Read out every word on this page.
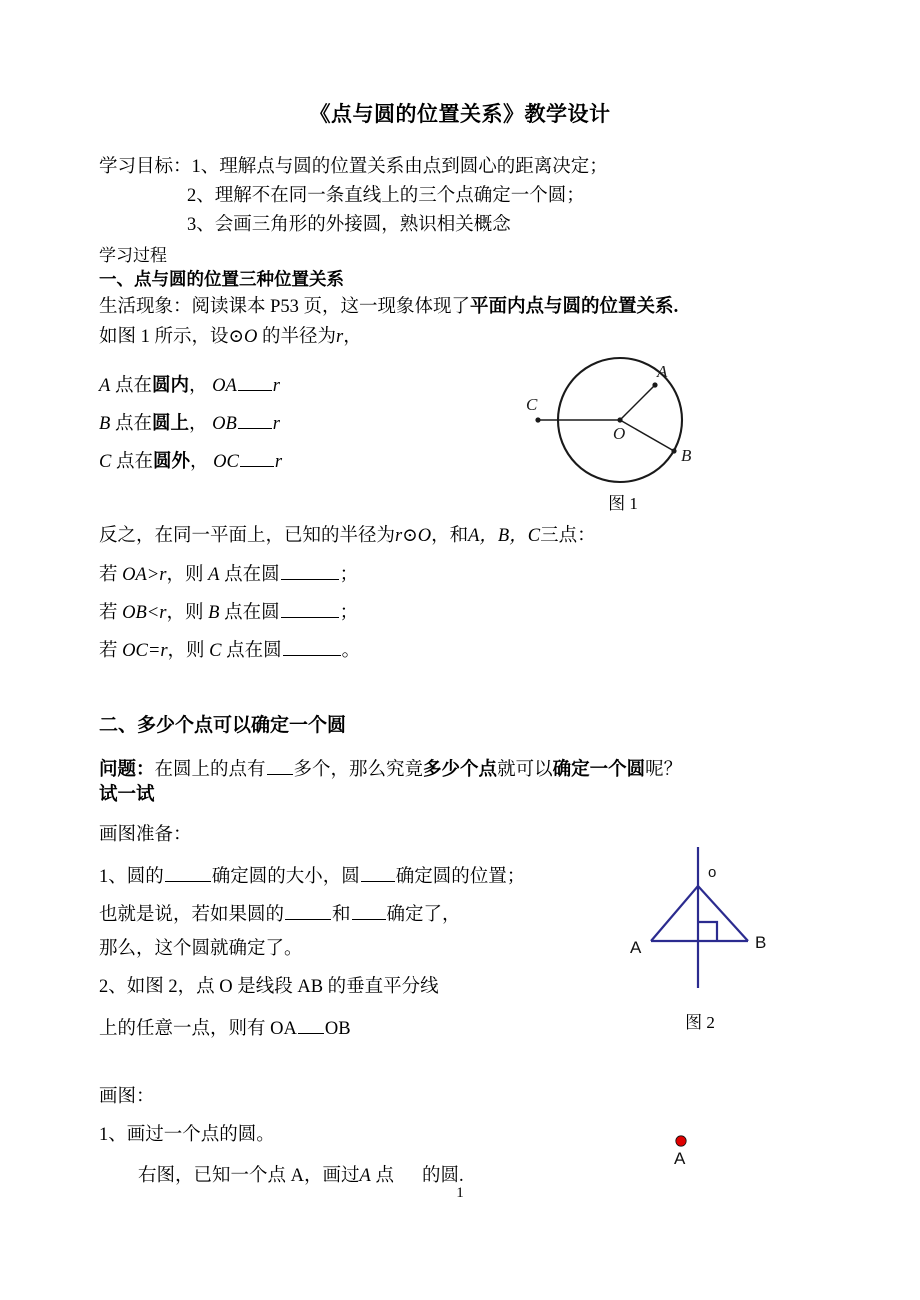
《点与圆的位置关系》教学设计
学习目标：1、理解点与圆的位置关系由点到圆心的距离决定；
2、理解不在同一条直线上的三个点确定一个圆；
3、会画三角形的外接圆，熟识相关概念
学习过程
一、点与圆的位置三种位置关系
生活现象：阅读课本 P53 页，这一现象体现了平面内点与圆的位置关系.
如图 1 所示，设⊙O 的半径为r，
A 点在圆内， OA r
B 点在圆上， OB r
C 点在圆外， OC r
A
B
C
O
图 1
反之，在同一平面上，已知的半径为r⊙O，和A，B，C三点：
若 OA>r，则 A 点在圆	；
若 OB<r，则 B 点在圆	；
若 OC=r，则 C 点在圆	。
二、多少个点可以确定一个圆
问题：在圆上的点有 多个，那么究竟多少个点就可以确定一个圆呢？
试一试
画图准备：
1、圆的	确定圆的大小，圆 确定圆的位置；
也就是说，若如果圆的	和 确定了，
那么，这个圆就确定了。
2、如图 2，点 O 是线段 AB 的垂直平分线
上的任意一点，则有 OA OB
o
A	B
图 2
画图：
1、画过一个点的圆。
右图，已知一个点 A，画过A 点 的圆.
A
1
